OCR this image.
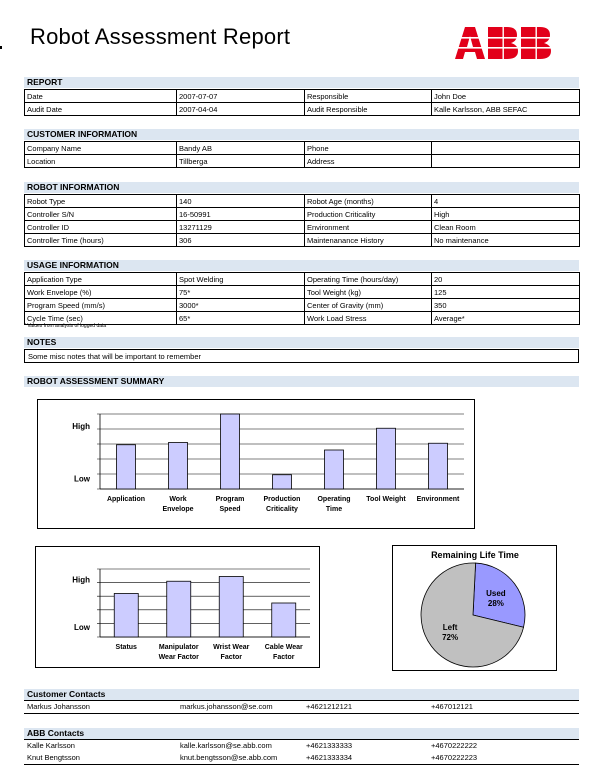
Robot Assessment Report
REPORT
Date	2007-07-07	Responsible	John Doe
Audit Date	2007-04-04	Audit Responsible	Kalle Karlsson, ABB SEFAC
CUSTOMER INFORMATION
Company Name	Bandy AB	Phone	
Location	Tillberga	Address	
ROBOT INFORMATION
Robot Type	140	Robot Age (months)	4
Controller S/N	16-50991	Production Criticality	High
Controller ID	13271129	Environment	Clean Room
Controller Time (hours)	306	Maintenanance History	No maintenance
USAGE INFORMATION
Application Type	Spot Welding	Operating Time (hours/day)	20
Work Envelope (%)	75*	Tool Weight (kg)	125
Program Speed (mm/s)	3000*	Center of Gravity (mm)	350
Cycle Time (sec)	65*	Work Load Stress	Average*
* Values from analysis of logged data
NOTES
Some misc notes that will be important to remember
ROBOT ASSESSMENT SUMMARY
High
Low
Application	Work
Envelope
Program
Speed
Production
Criticality
Operating
Time
Tool Weight Environment
High
Low
Status	Manipulator
Wear Factor
Wrist Wear
Factor
Cable Wear
Factor
Remaining Life Time
Used
28%
Left
72%
Customer Contacts
Markus Johansson	markus.johansson@se.com	+4621212121	+467012121
ABB Contacts
Kalle Karlsson	kalle.karlsson@se.abb.com	+4621333333	+4670222222
Knut Bengtsson	knut.bengtsson@se.abb.com	+4621333334	+4670222223
